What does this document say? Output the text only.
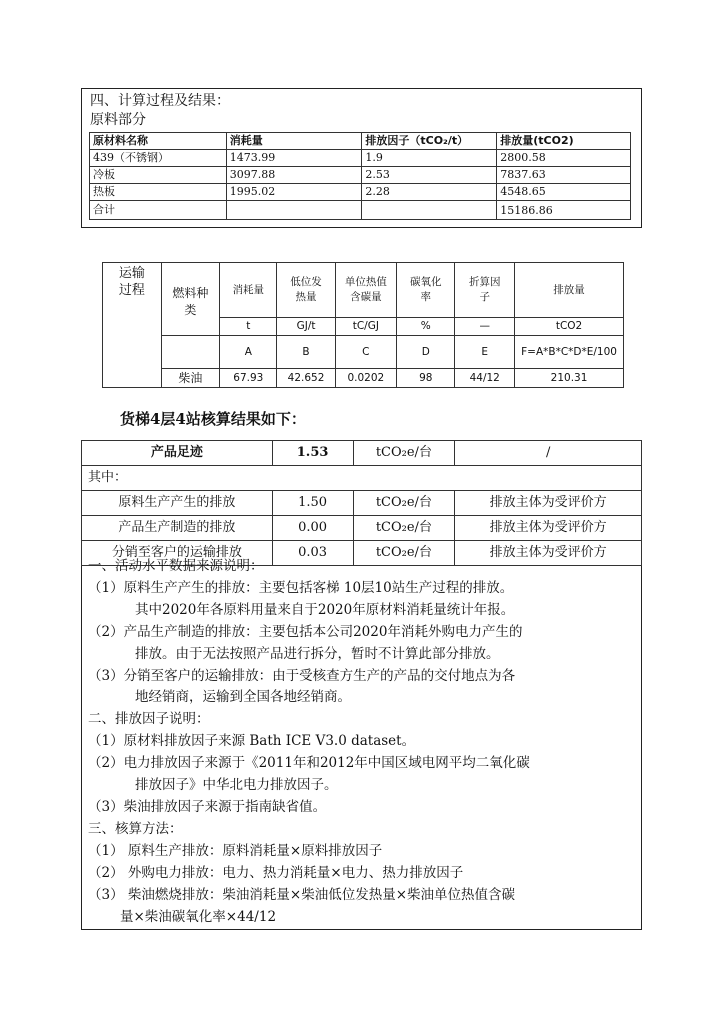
四、计算过程及结果：
原料部分
原材料名称	消耗量	排放因子（tCO₂/t）	排放量(tCO2)
439（不锈钢）	1473.99	1.9	2800.58
冷板	3097.88	2.53	7837.63
热板	1995.02	2.28	4548.65
合计			15186.86
运输过程	燃料种类	消耗量	低位发热量	单位热值含碳量	碳氧化率	折算因子	排放量
		t	GJ/t	tC/GJ	%	—	tCO2
		A	B	C	D	E	F=A*B*C*D*E/100
	柴油	67.93	42.652	0.0202	98	44/12	210.31
货梯4层4站核算结果如下：
产品足迹	1.53	tCO₂e/台	/
其中：			
原料生产产生的排放	1.50	tCO₂e/台	排放主体为受评价方
产品生产制造的排放	0.00	tCO₂e/台	排放主体为受评价方
分销至客户的运输排放	0.03	tCO₂e/台	排放主体为受评价方
一、活动水平数据来源说明：
（1）原料生产产生的排放：主要包括客梯 10层10站生产过程的排放。
其中2020年各原料用量来自于2020年原材料消耗量统计年报。
（2）产品生产制造的排放：主要包括本公司2020年消耗外购电力产生的
排放。由于无法按照产品进行拆分，暂时不计算此部分排放。
（3）分销至客户的运输排放：由于受核查方生产的产品的交付地点为各
地经销商，运输到全国各地经销商。
二、排放因子说明：
（1）原材料排放因子来源 Bath ICE V3.0 dataset。
（2）电力排放因子来源于《2011年和2012年中国区域电网平均二氧化碳
排放因子》中华北电力排放因子。
（3）柴油排放因子来源于指南缺省值。
三、核算方法：
（1） 原料生产排放：原料消耗量×原料排放因子
（2） 外购电力排放：电力、热力消耗量×电力、热力排放因子
（3） 柴油燃烧排放：柴油消耗量×柴油低位发热量×柴油单位热值含碳
量×柴油碳氧化率×44/12
